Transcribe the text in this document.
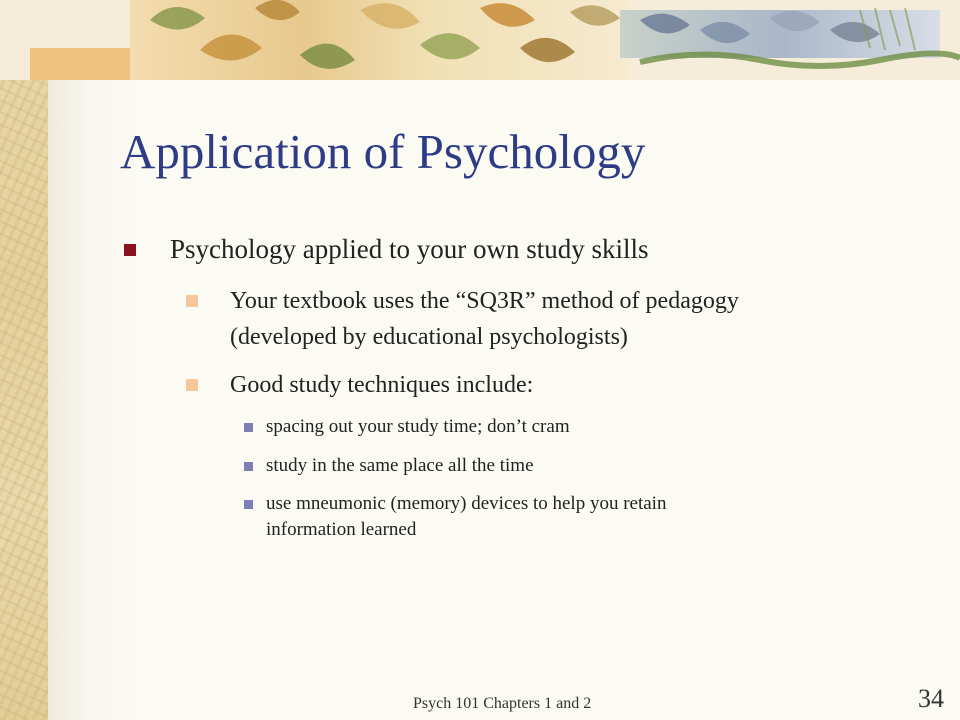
Application of Psychology
Psychology applied to your own study skills
Your textbook uses the “SQ3R” method of pedagogy
(developed by educational psychologists)
Good study techniques include:
spacing out your study time; don’t cram
study in the same place all the time
use mneumonic (memory) devices to help you retain
information learned
Psych 101 Chapters 1 and 2	34
